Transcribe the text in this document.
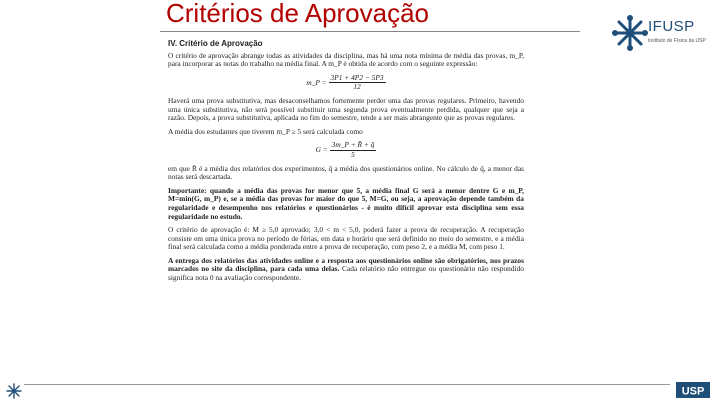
Critérios de Aprovação	IFUSP
Instituto de Física da USP

IV. Critério de Aprovação

O critério de aprovação abrange todas as atividades da disciplina, mas há uma nota mínima de média das provas, m_P, para incorporar as notas do trabalho na média final. A m_P é obtida de acordo com o seguinte expressão:

m_P = $\frac{3P1 + 4P2 - 5P3}{12}$

Haverá uma prova substitutiva, mas desaconselhamos fortemente perder uma das provas regulares. Primeiro, havendo uma única substitutiva, não será possível substituir uma segunda prova eventualmente perdida, qualquer que seja a razão. Depois, a prova substitutiva, aplicada no fim do semestre, tende a ser mais abrangente que as provas regulares.

A média dos estudantes que tiverem m_P ≥ 5 será calculada como

$G = \frac{3m\_P + R̄ + q̄}{5}$

em que R̄ é a média dos relatórios dos experimentos, q̄ a média dos questionários online. No cálculo de q̄, a menor das notas será descartada.

Importante: quando a média das provas for menor que 5, a média final G será a menor dentre G e m_P, M=min(G, m_P) e, se a média das provas for maior do que 5, M=G, ou seja, a aprovação depende também da regularidade e desempenho nos relatórios e questionários - é muito difícil aprovar esta disciplina sem essa regularidade no estudo.

O critério de aprovação é: M ≥ 5,0 aprovado; 3,0 < m < 5,0, poderá fazer a prova de recuperação. A recuperação consiste em uma única prova no período de férias, em data e horário que será definido no meio do semestre, e a média final será calculada como a média ponderada entre a prova de recuperação, com peso 2, e a média M, com peso 1.

A entrega dos relatórios das atividades online e a resposta aos questionários online são obrigatórios, nos prazos marcados no site da disciplina, para cada uma delas. Cada relatório não entregue ou questionário não respondido significa nota 0 na avaliação correspondente.

USP
